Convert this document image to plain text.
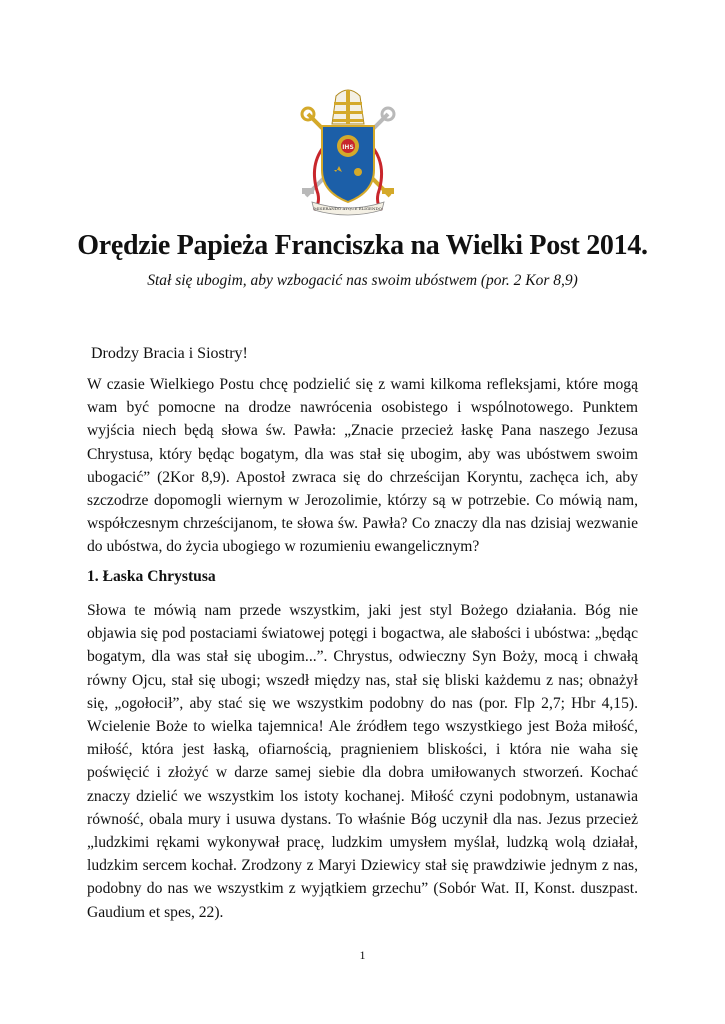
IHS
MISERANDO ATQUE ELIGENDO
Orędzie Papieża Franciszka na Wielki Post 2014.
Stał się ubogim, aby wzbogacić nas swoim ubóstwem (por. 2 Kor 8,9)
Drodzy Bracia i Siostry!

W czasie Wielkiego Postu chcę podzielić się z wami kilkoma refleksjami, które mogą wam być pomocne na drodze nawrócenia osobistego i wspólnotowego. Punktem wyjścia niech będą słowa św. Pawła: „Znacie przecież łaskę Pana naszego Jezusa Chrystusa, który będąc bogatym, dla was stał się ubogim, aby was ubóstwem swoim ubogacić” (2Kor 8,9). Apostoł zwraca się do chrześcijan Koryntu, zachęca ich, aby szczodrze dopomogli wiernym w Jerozolimie, którzy są w potrzebie. Co mówią nam, współczesnym chrześcijanom, te słowa św. Pawła? Co znaczy dla nas dzisiaj wezwanie do ubóstwa, do życia ubogiego w rozumieniu ewangelicznym?

1. Łaska Chrystusa

Słowa te mówią nam przede wszystkim, jaki jest styl Bożego działania. Bóg nie objawia się pod postaciami światowej potęgi i bogactwa, ale słabości i ubóstwa: „będąc bogatym, dla was stał się ubogim...”. Chrystus, odwieczny Syn Boży, mocą i chwałą równy Ojcu, stał się ubogi; wszedł między nas, stał się bliski każdemu z nas; obnażył się, „ogołocił”, aby stać się we wszystkim podobny do nas (por. Flp 2,7; Hbr 4,15). Wcielenie Boże to wielka tajemnica! Ale źródłem tego wszystkiego jest Boża miłość, miłość, która jest łaską, ofiarnością, pragnieniem bliskości, i która nie waha się poświęcić i złożyć w darze samej siebie dla dobra umiłowanych stworzeń. Kochać znaczy dzielić we wszystkim los istoty kochanej. Miłość czyni podobnym, ustanawia równość, obala mury i usuwa dystans. To właśnie Bóg uczynił dla nas. Jezus przecież „ludzkimi rękami wykonywał pracę, ludzkim umysłem myślał, ludzką wolą działał, ludzkim sercem kochał. Zrodzony z Maryi Dziewicy stał się prawdziwie jednym z nas, podobny do nas we wszystkim z wyjątkiem grzechu” (Sobór Wat. II, Konst. duszpast. Gaudium et spes, 22).

1
